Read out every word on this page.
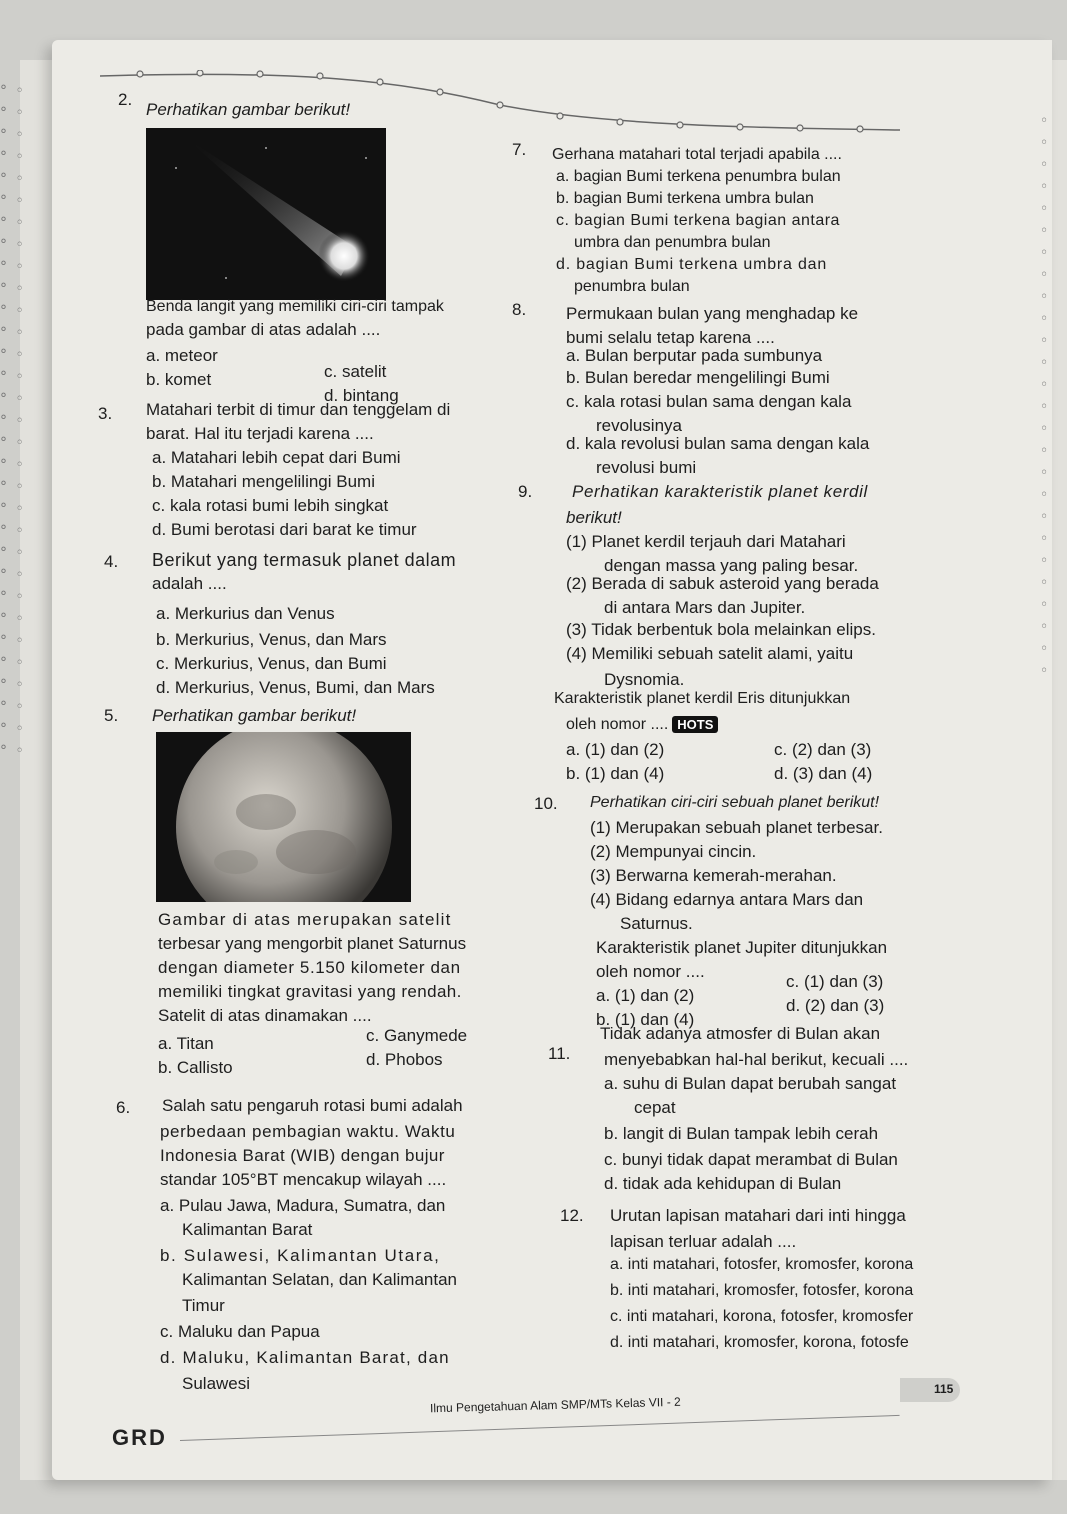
° ◦
° ◦
° ◦
° ◦
° ◦
° ◦
° ◦
° ◦
° ◦
° ◦
° ◦
° ◦
° ◦
° ◦
° ◦
° ◦
° ◦
° ◦
° ◦
° ◦
° ◦
° ◦
° ◦
° ◦
° ◦
° ◦
° ◦
° ◦
° ◦
° ◦
° ◦
◦
◦
◦
◦
◦
◦
◦
◦
◦
◦
◦
◦
◦
◦
◦
◦
◦
◦
◦
◦
◦
◦
◦
◦
◦
◦
2.
Perhatikan gambar berikut!
Benda langit yang memiliki ciri-ciri tampak
pada gambar di atas adalah ....
a. meteor
b. komet	c. satelit
d. bintang
3. Matahari terbit di timur dan tenggelam di
barat. Hal itu terjadi karena ....
a. Matahari lebih cepat dari Bumi
b. Matahari mengelilingi Bumi
c. kala rotasi bumi lebih singkat
d. Bumi berotasi dari barat ke timur
4. Berikut yang termasuk planet dalam
adalah ....
a. Merkurius dan Venus
b. Merkurius, Venus, dan Mars
c. Merkurius, Venus, dan Bumi
d. Merkurius, Venus, Bumi, dan Mars
5. Perhatikan gambar berikut!
Gambar di atas merupakan satelit
terbesar yang mengorbit planet Saturnus
dengan diameter 5.150 kilometer dan
memiliki tingkat gravitasi yang rendah.
Satelit di atas dinamakan ....
a. Titan
b. Callisto
c. Ganymede
d. Phobos
6. Salah satu pengaruh rotasi bumi adalah
perbedaan pembagian waktu. Waktu
Indonesia Barat (WIB) dengan bujur
standar 105°BT mencakup wilayah ....
a. Pulau Jawa, Madura, Sumatra, dan
Kalimantan Barat
b. Sulawesi, Kalimantan Utara,
Kalimantan Selatan, dan Kalimantan
Timur
c. Maluku dan Papua
d. Maluku, Kalimantan Barat, dan
Sulawesi
7. Gerhana matahari total terjadi apabila ....
a. bagian Bumi terkena penumbra bulan
b. bagian Bumi terkena umbra bulan
c. bagian Bumi terkena bagian antara
umbra dan penumbra bulan
d. bagian Bumi terkena umbra dan
penumbra bulan
8. Permukaan bulan yang menghadap ke
bumi selalu tetap karena ....
a. Bulan berputar pada sumbunya
b. Bulan beredar mengelilingi Bumi
c. kala rotasi bulan sama dengan kala
revolusinya
d. kala revolusi bulan sama dengan kala
revolusi bumi
9. Perhatikan karakteristik planet kerdil
berikut!
(1) Planet kerdil terjauh dari Matahari
dengan massa yang paling besar.
(2) Berada di sabuk asteroid yang berada
di antara Mars dan Jupiter.
(3) Tidak berbentuk bola melainkan elips.
(4) Memiliki sebuah satelit alami, yaitu
Dysnomia.
Karakteristik planet kerdil Eris ditunjukkan
oleh nomor .... HOTS
a. (1) dan (2)
b. (1) dan (4)
c. (2) dan (3)
d. (3) dan (4)
10. Perhatikan ciri-ciri sebuah planet berikut!
(1) Merupakan sebuah planet terbesar.
(2) Mempunyai cincin.
(3) Berwarna kemerah-merahan.
(4) Bidang edarnya antara Mars dan
Saturnus.
Karakteristik planet Jupiter ditunjukkan
oleh nomor ....
a. (1) dan (2)
b. (1) dan (4)
c. (1) dan (3)
d. (2) dan (3)
11.
Tidak adanya atmosfer di Bulan akan
menyebabkan hal-hal berikut, kecuali ....
a. suhu di Bulan dapat berubah sangat
cepat
b. langit di Bulan tampak lebih cerah
c. bunyi tidak dapat merambat di Bulan
d. tidak ada kehidupan di Bulan
12. Urutan lapisan matahari dari inti hingga
lapisan terluar adalah ....
a. inti matahari, fotosfer, kromosfer, korona
b. inti matahari, kromosfer, fotosfer, korona
c. inti matahari, korona, fotosfer, kromosfer
d. inti matahari, kromosfer, korona, fotosfe
Ilmu Pengetahuan Alam SMP/MTs Kelas VII - 2
115
GRD
